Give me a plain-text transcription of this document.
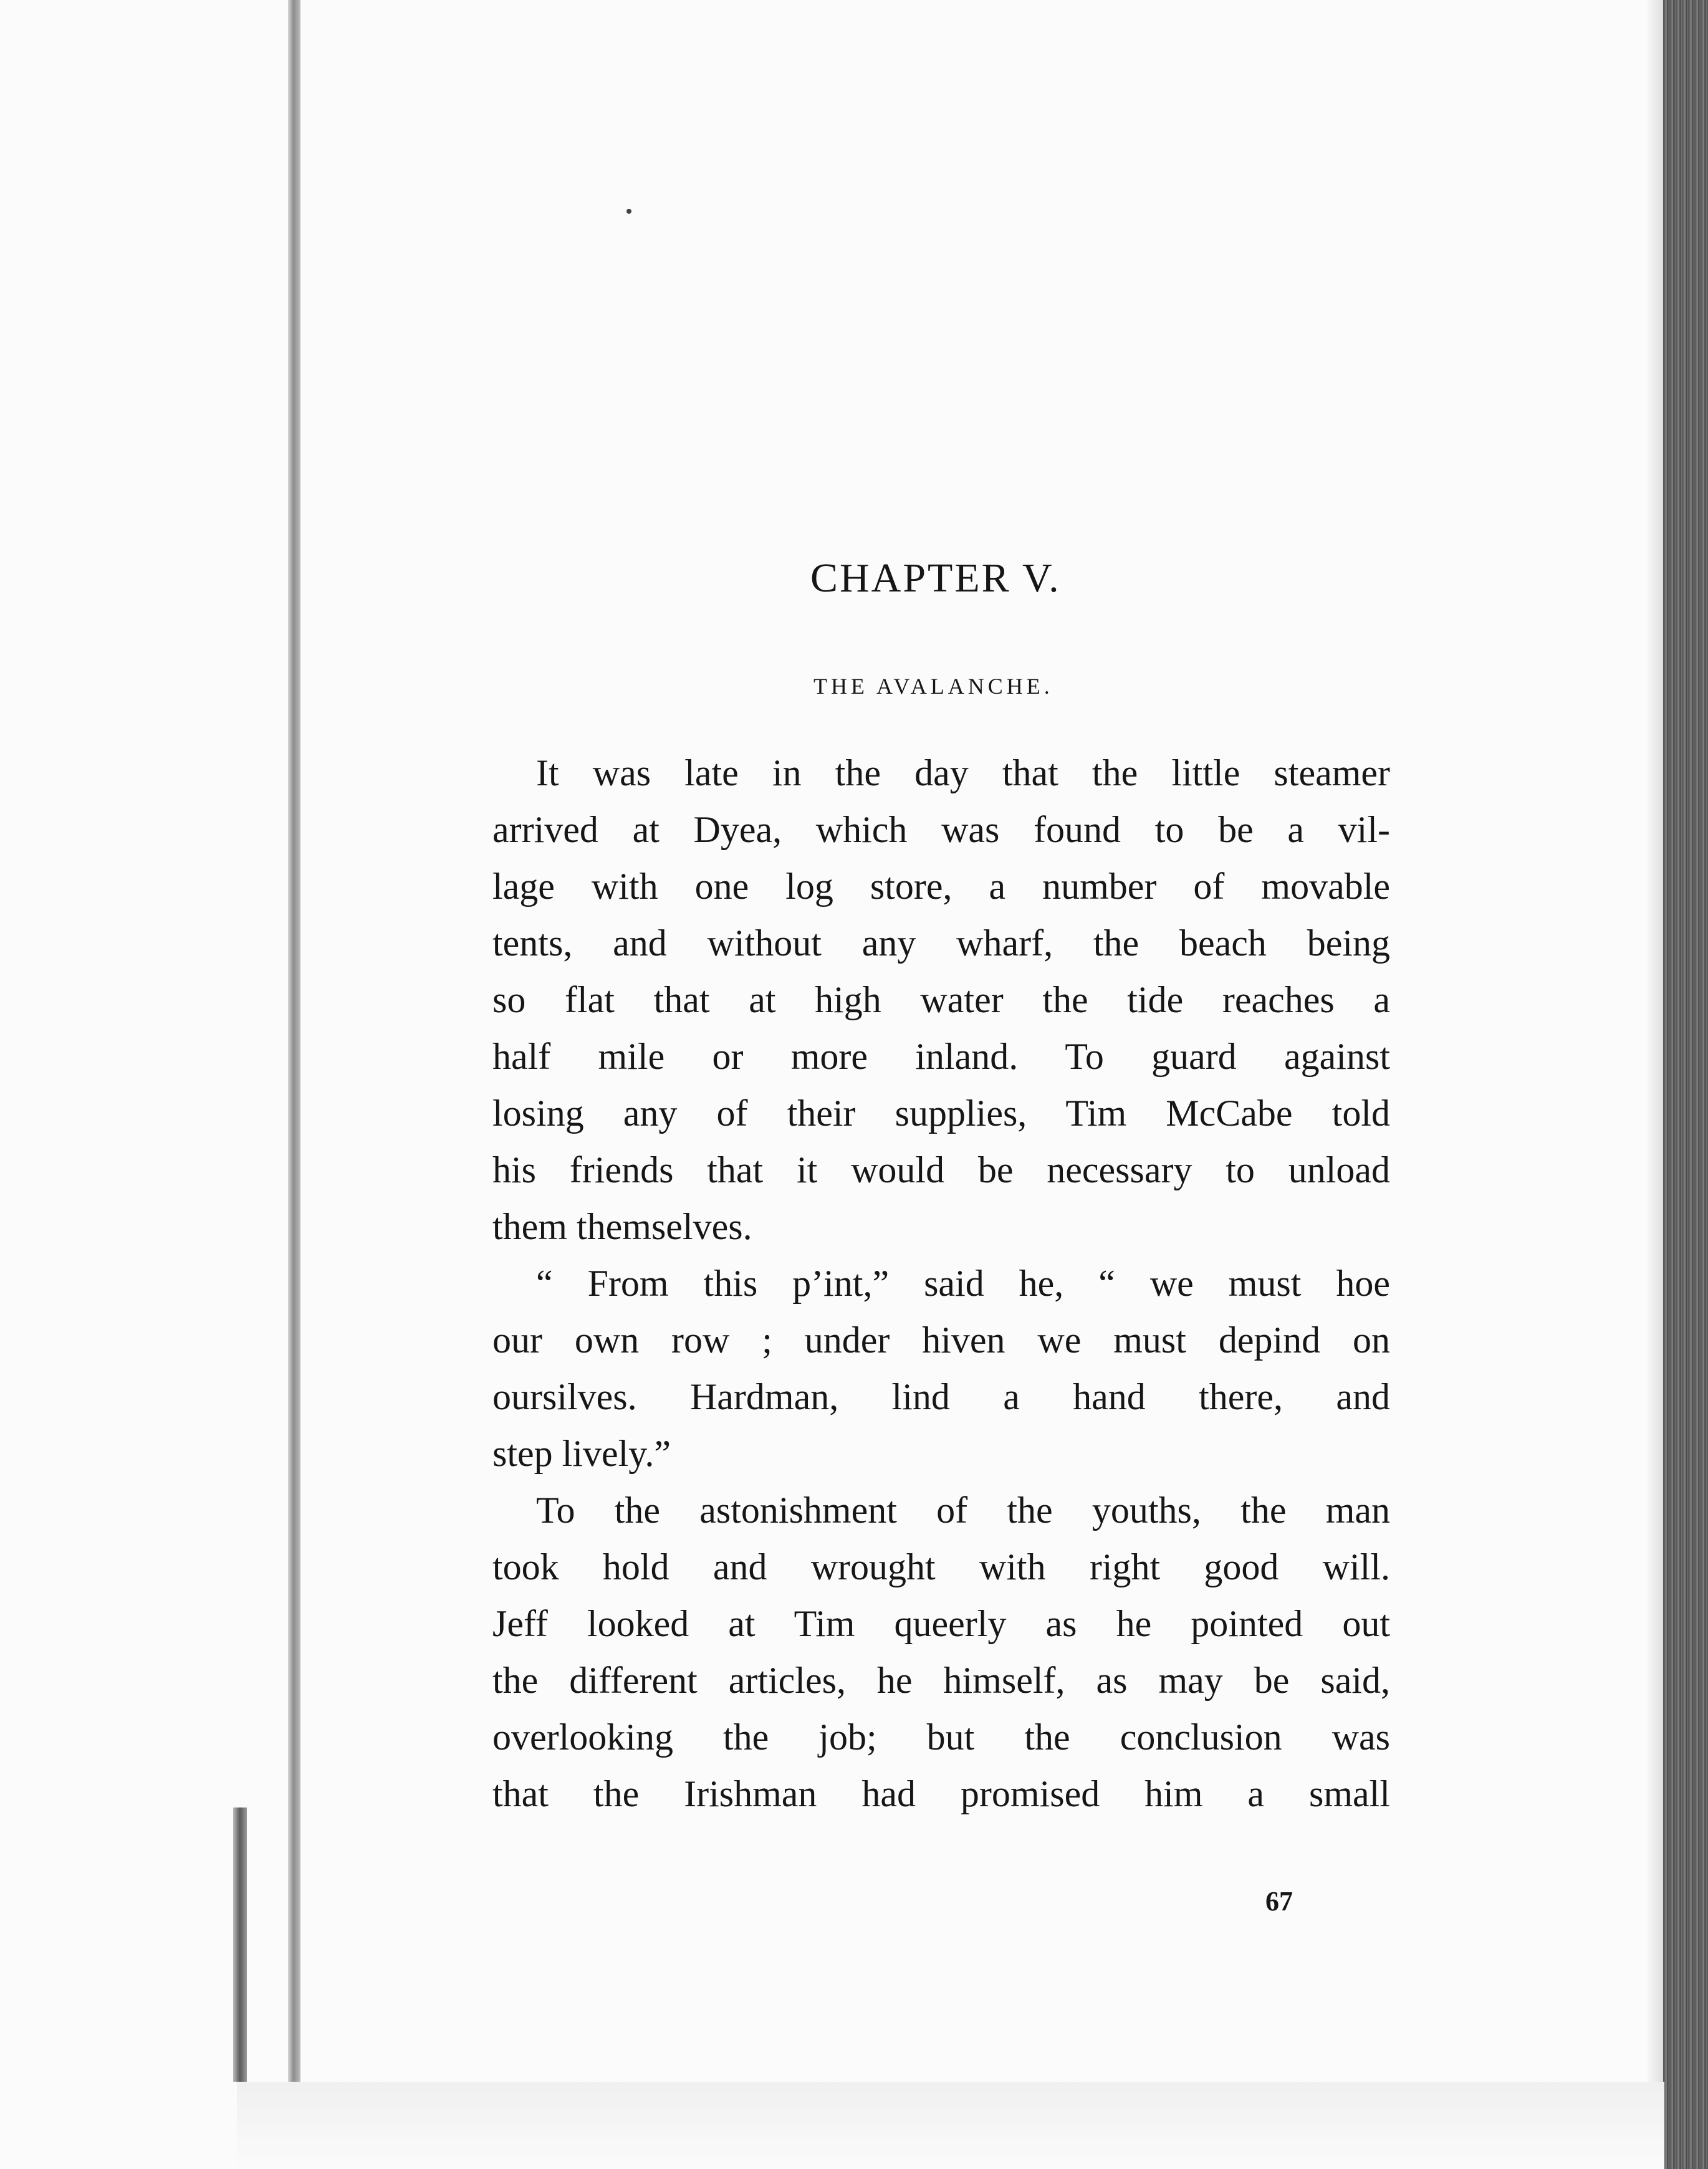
CHAPTER V.
THE AVALANCHE.
It was late in the day that the little steamer
arrived at Dyea, which was found to be a vil-
lage with one log store, a number of movable
tents, and without any wharf, the beach being
so flat that at high water the tide reaches a
half mile or more inland. To guard against
losing any of their supplies, Tim McCabe told
his friends that it would be necessary to unload
them themselves.
“ From this p’int,” said he, “ we must hoe
our own row ; under hiven we must depind on
oursilves. Hardman, lind a hand there, and
step lively.”
To the astonishment of the youths, the man
took hold and wrought with right good will.
Jeff looked at Tim queerly as he pointed out
the different articles, he himself, as may be said,
overlooking the job; but the conclusion was
that the Irishman had promised him a small
67
